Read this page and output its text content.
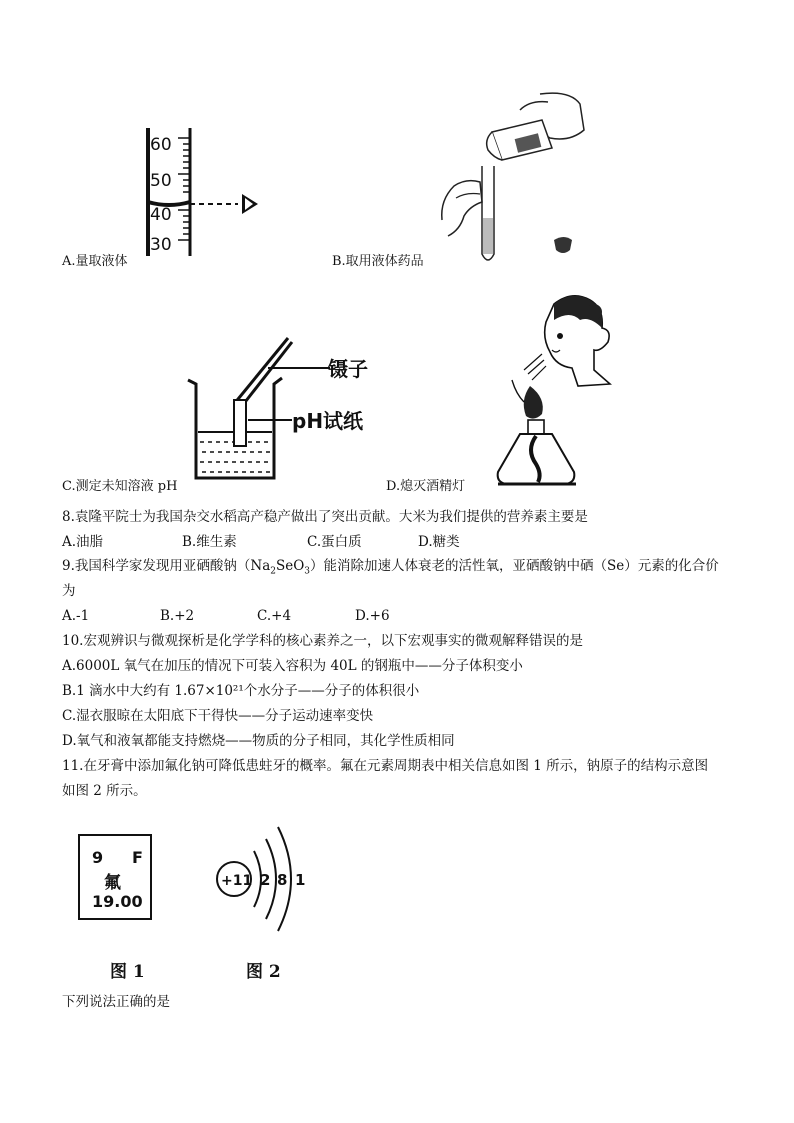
60
50
40
30
A.量取液体	B.取用液体药品
镊子
pH试纸
C.测定未知溶液 pH	D.熄灭酒精灯
8.袁隆平院士为我国杂交水稻高产稳产做出了突出贡献。大米为我们提供的营养素主要是
A.油脂	B.维生素	C.蛋白质	D.糖类
9.我国科学家发现用亚硒酸钠$(Na_2SeO_3)$能消除加速人体衰老的活性氧，亚硒酸钠中硒（Se）元素的化合价
为
A.-1	B.+2	C.+4	D.+6
10.宏观辨识与微观探析是化学学科的核心素养之一，以下宏观事实的微观解释错误的是
A.6000L 氧气在加压的情况下可装入容积为 40L 的钢瓶中——分子体积变小
B.1 滴水中大约有 1.67×10²¹个水分子——分子的体积很小
C.湿衣服晾在太阳底下干得快——分子运动速率变快
D.氧气和液氧都能支持燃烧——物质的分子相同，其化学性质相同
11.在牙膏中添加氟化钠可降低患蛀牙的概率。氟在元素周期表中相关信息如图 1 所示，钠原子的结构示意图
如图 2 所示。
9 F
氟
19.00
+11 2 8 1
图 1	图 2
下列说法正确的是
